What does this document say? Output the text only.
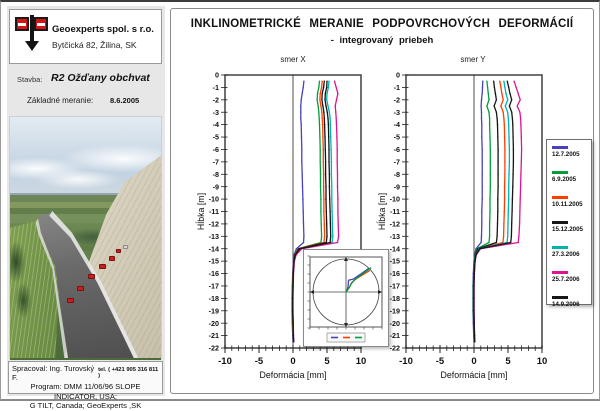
Geoexperts spol. s r.o.
Bytčická 82, Žilina, SK
Stavba: R2 Ožďany obchvat
Základné meranie: 8.6.2005
Spracoval: Ing. Turovský F.
tel. ( +421 905 316 811 )
Program: DMM 11/06/96 SLOPE INDICATOR, USA;
G TILT, Canada; GeoExperts ,SK
INKLINOMETRICKÉ MERANIE PODPOVRCHOVÝCH DEFORMÁCIÍ
- integrovaný priebeh
smer X	smer Y
-10 -5	0	5	10
0
-1
-2
-3
-4
-5
-6
-7
-8
-9
-10
-11
-12
-13
-14
-15
-16
-17
-18
-19
-20
-21
-22
Deformácia [mm]
Hĺbka [m]
-10 -5	0	5	10
0
-1
-2
-3
-4
-5
-6
-7
-8
-9
-10
-11
-12
-13
-14
-15
-16
-17
-18
-19
-20
-21
-22
Deformácia [mm]
Hĺbka [m]
12.7.2005
6.9.2005
10.11.2005
15.12.2005
27.3.2006
25.7.2006
14.9.2006
